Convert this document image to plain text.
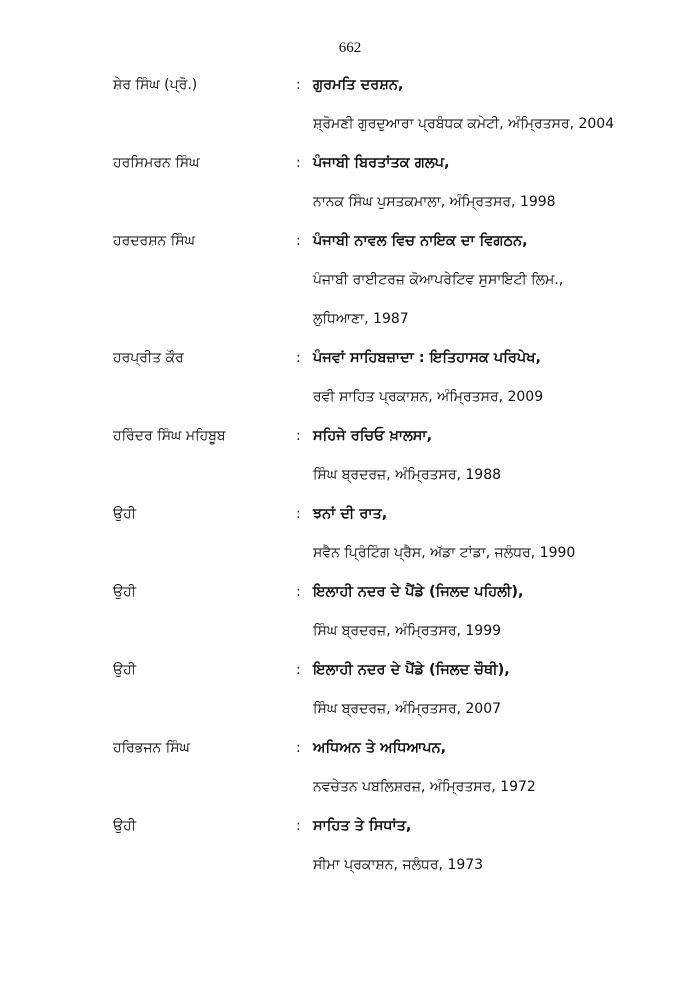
662
ਸ਼ੇਰ ਸਿੰਘ (ਪ੍ਰੋ.)	: ਗੁਰਮਤਿ ਦਰਸ਼ਨ,
ਸ਼੍ਰੋਮਣੀ ਗੁਰਦੁਆਰਾ ਪ੍ਰਬੰਧਕ ਕਮੇਟੀ, ਅੰਮ੍ਰਿਤਸਰ, 2004
ਹਰਸਿਮਰਨ ਸਿੰਘ	: ਪੰਜਾਬੀ ਬਿਰਤਾਂਤਕ ਗਲਪ,
ਨਾਨਕ ਸਿੰਘ ਪੁਸਤਕਮਾਲਾ, ਅੰਮ੍ਰਿਤਸਰ, 1998
ਹਰਦਰਸ਼ਨ ਸਿੰਘ	: ਪੰਜਾਬੀ ਨਾਵਲ ਵਿਚ ਨਾਇਕ ਦਾ ਵਿਗਠਨ,
ਪੰਜਾਬੀ ਰਾਈਟਰਜ਼ ਕੋਆਪਰੇਟਿਵ ਸੁਸਾਇਟੀ ਲਿਮ.,
ਲੁਧਿਆਣਾ, 1987
ਹਰਪ੍ਰੀਤ ਕੌਰ	: ਪੰਜਵਾਂ ਸਾਹਿਬਜ਼ਾਦਾ : ਇਤਿਹਾਸਕ ਪਰਿਪੇਖ,
ਰਵੀ ਸਾਹਿਤ ਪ੍ਰਕਾਸ਼ਨ, ਅੰਮ੍ਰਿਤਸਰ, 2009
ਹਰਿੰਦਰ ਸਿੰਘ ਮਹਿਬੂਬ	: ਸਹਿਜੇ ਰਚਿਓ ਖ਼ਾਲਸਾ,
ਸਿੰਘ ਬ੍ਰਦਰਜ਼, ਅੰਮ੍ਰਿਤਸਰ, 1988
ਉਹੀ	: ਝਨਾਂ ਦੀ ਰਾਤ,
ਸਵੈਨ ਪ੍ਰਿੰਟਿੰਗ ਪ੍ਰੈਸ, ਅੱਡਾ ਟਾਂਡਾ, ਜਲੰਧਰ, 1990
ਉਹੀ	: ਇਲਾਹੀ ਨਦਰ ਦੇ ਪੈਂਡੇ (ਜਿਲਦ ਪਹਿਲੀ),
ਸਿੰਘ ਬ੍ਰਦਰਜ਼, ਅੰਮ੍ਰਿਤਸਰ, 1999
ਉਹੀ	: ਇਲਾਹੀ ਨਦਰ ਦੇ ਪੈਂਡੇ (ਜਿਲਦ ਚੌਥੀ),
ਸਿੰਘ ਬ੍ਰਦਰਜ਼, ਅੰਮ੍ਰਿਤਸਰ, 2007
ਹਰਿਭਜਨ ਸਿੰਘ	: ਅਧਿਅਨ ਤੇ ਅਧਿਆਪਨ,
ਨਵਚੇਤਨ ਪਬਲਿਸ਼ਰਜ਼, ਅੰਮ੍ਰਿਤਸਰ, 1972
ਉਹੀ	: ਸਾਹਿਤ ਤੇ ਸਿਧਾਂਤ,
ਸੀਮਾ ਪ੍ਰਕਾਸ਼ਨ, ਜਲੰਧਰ, 1973
